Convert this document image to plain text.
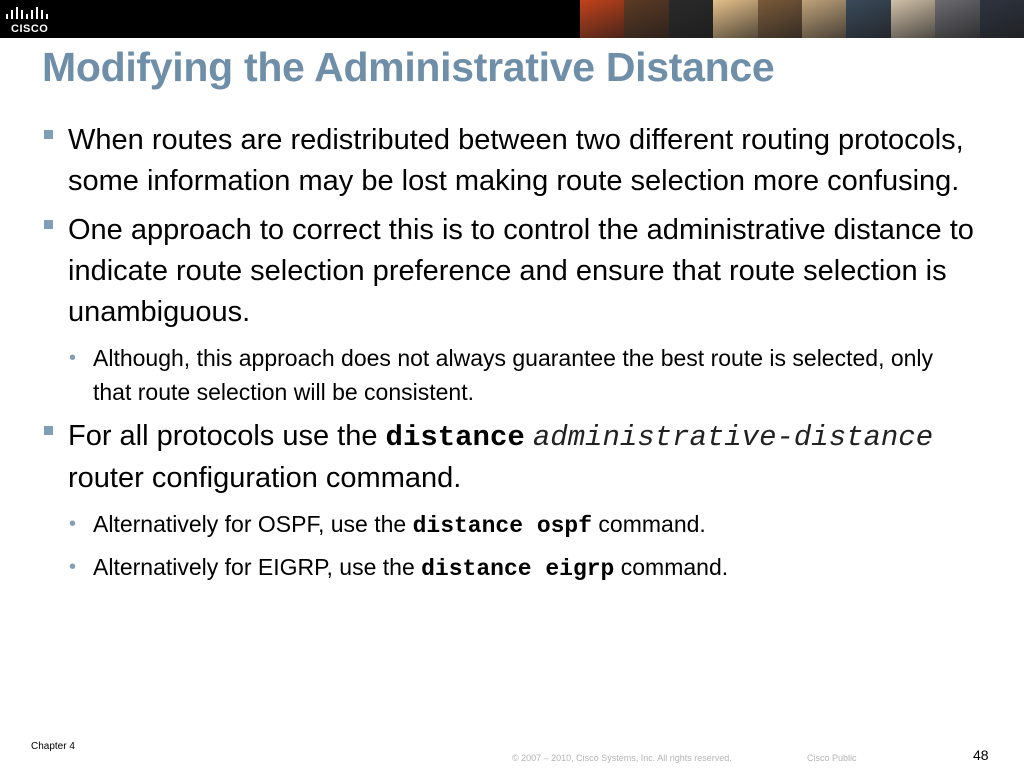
CISCO
Modifying the Administrative Distance
When routes are redistributed between two different routing protocols, some information may be lost making route selection more confusing.
One approach to correct this is to control the administrative distance to indicate route selection preference and ensure that route selection is unambiguous.
• Although, this approach does not always guarantee the best route is selected, only that route selection will be consistent.
For all protocols use the distance administrative-distance router configuration command.
• Alternatively for OSPF, use the distance ospf command.
• Alternatively for EIGRP, use the distance eigrp command.
Chapter 4
© 2007 – 2010, Cisco Systems, Inc. All rights reserved.	Cisco Public	48
